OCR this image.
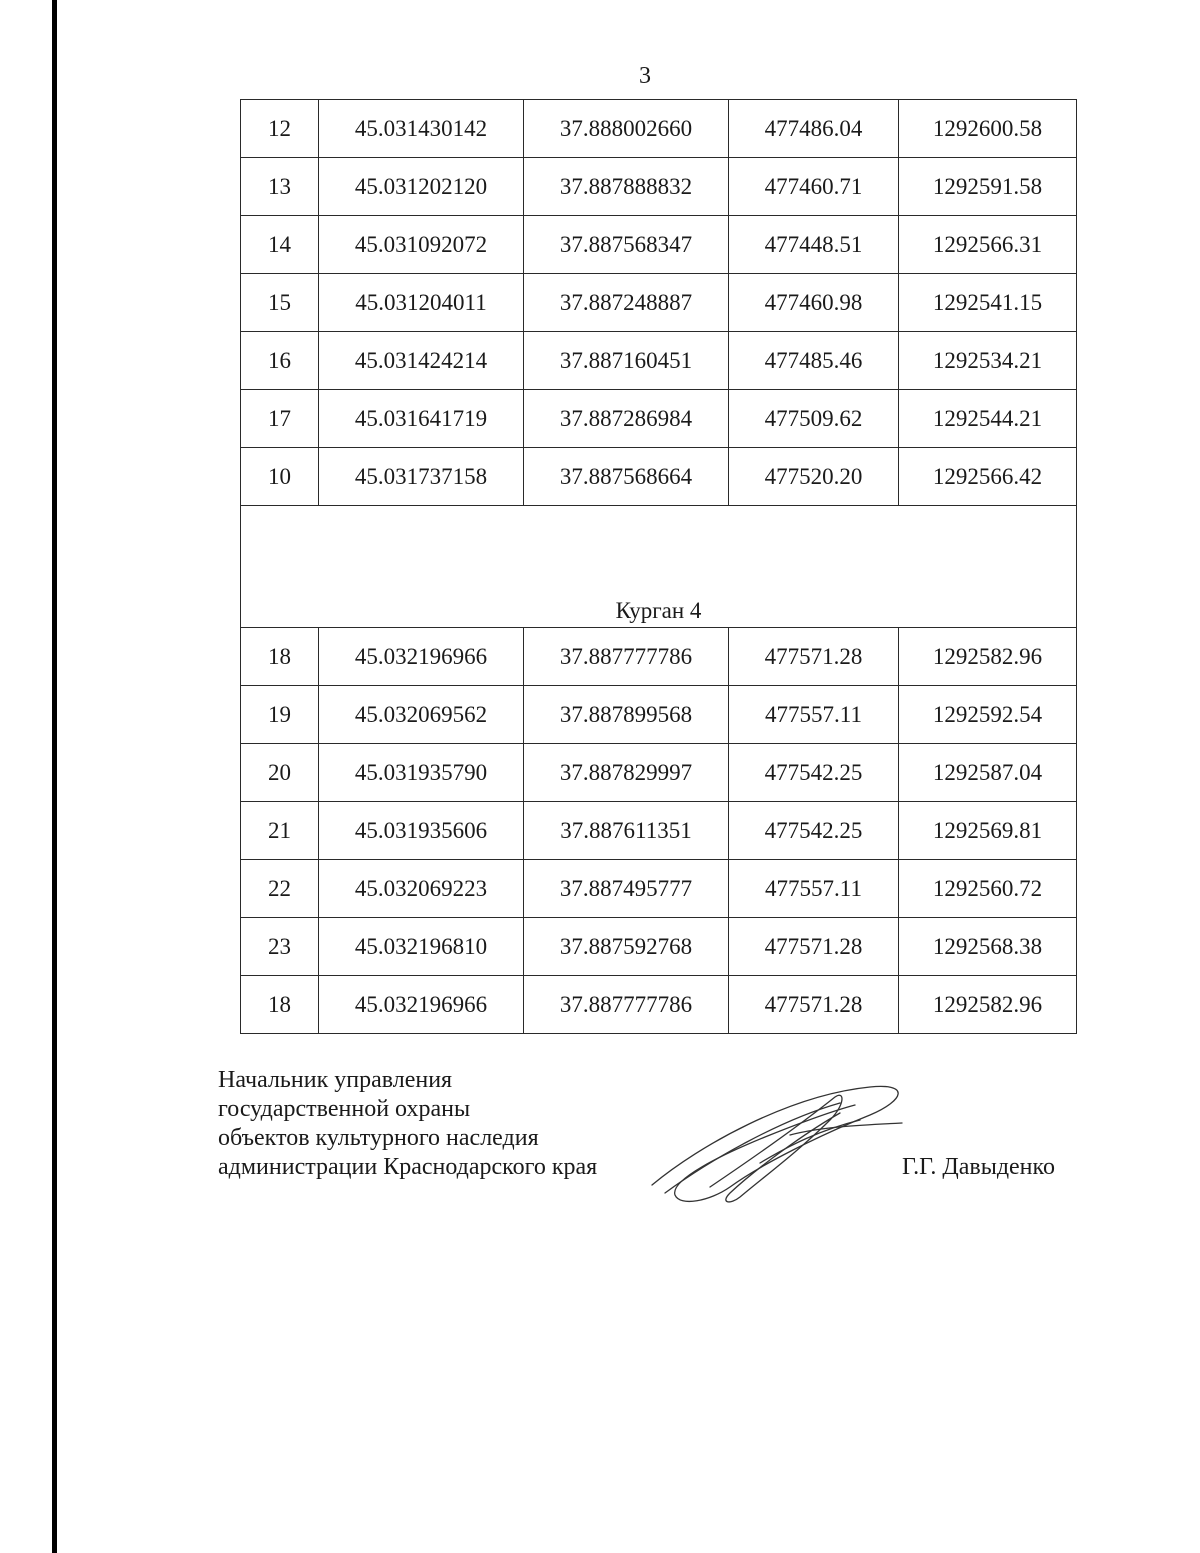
3
12	45.031430142	37.888002660	477486.04	1292600.58
13	45.031202120	37.887888832	477460.71	1292591.58
14	45.031092072	37.887568347	477448.51	1292566.31
15	45.031204011	37.887248887	477460.98	1292541.15
16	45.031424214	37.887160451	477485.46	1292534.21
17	45.031641719	37.887286984	477509.62	1292544.21
10	45.031737158	37.887568664	477520.20	1292566.42
Курган 4				
18	45.032196966	37.887777786	477571.28	1292582.96
19	45.032069562	37.887899568	477557.11	1292592.54
20	45.031935790	37.887829997	477542.25	1292587.04
21	45.031935606	37.887611351	477542.25	1292569.81
22	45.032069223	37.887495777	477557.11	1292560.72
23	45.032196810	37.887592768	477571.28	1292568.38
18	45.032196966	37.887777786	477571.28	1292582.96
Начальник управления
государственной охраны
объектов культурного наследия
администрации Краснодарского края	Г.Г. Давыденко
